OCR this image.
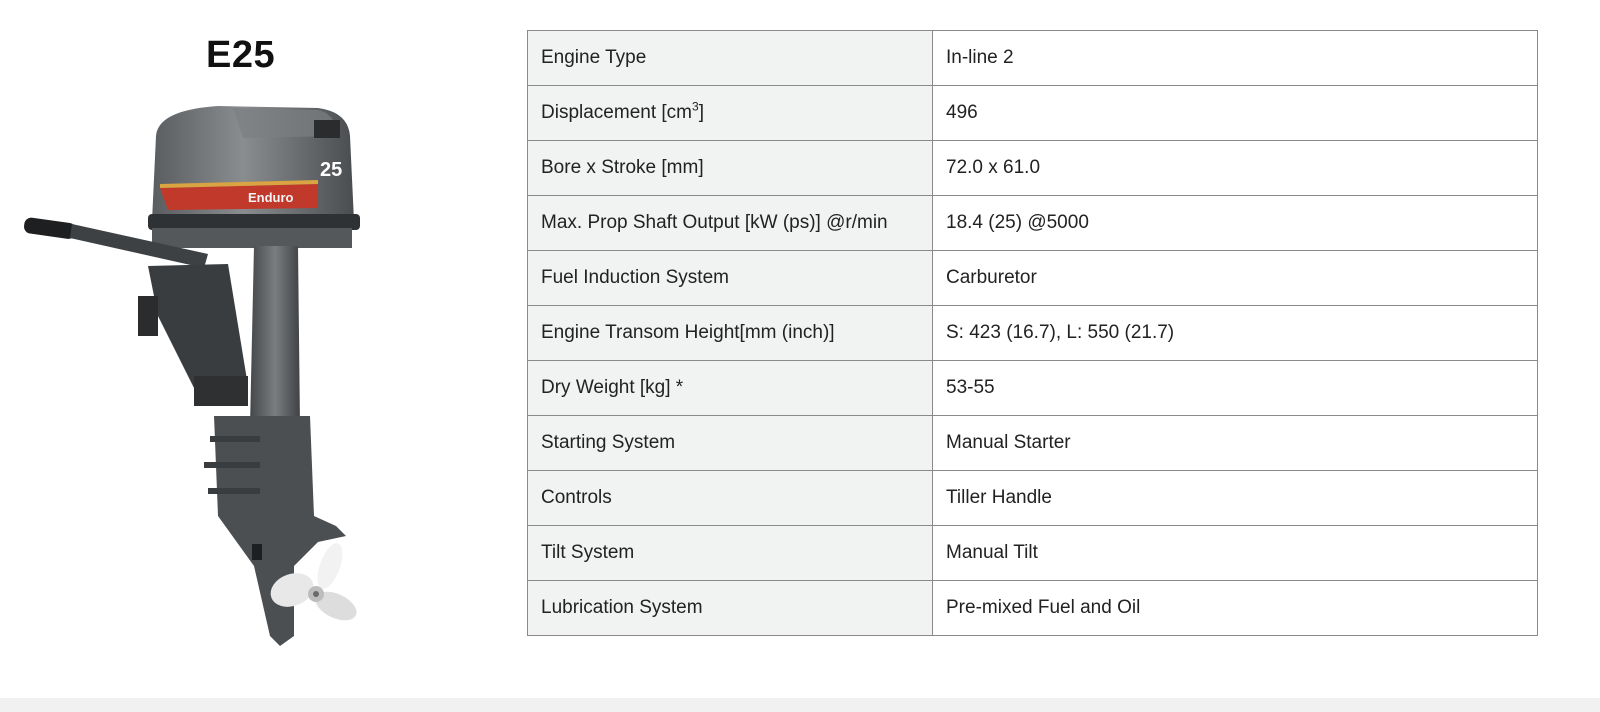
E25
Enduro
25
Engine Type	In-line 2
Displacement $[cm^3]$	496
Bore x Stroke [mm]	72.0 x 61.0
Max. Prop Shaft Output [kW (ps)] @r/min	18.4 (25) @5000
Fuel Induction System	Carburetor
Engine Transom Height[mm (inch)]	S: 423 (16.7), L: 550 (21.7)
Dry Weight [kg] *	53-55
Starting System	Manual Starter
Controls	Tiller Handle
Tilt System	Manual Tilt
Lubrication System	Pre-mixed Fuel and Oil
